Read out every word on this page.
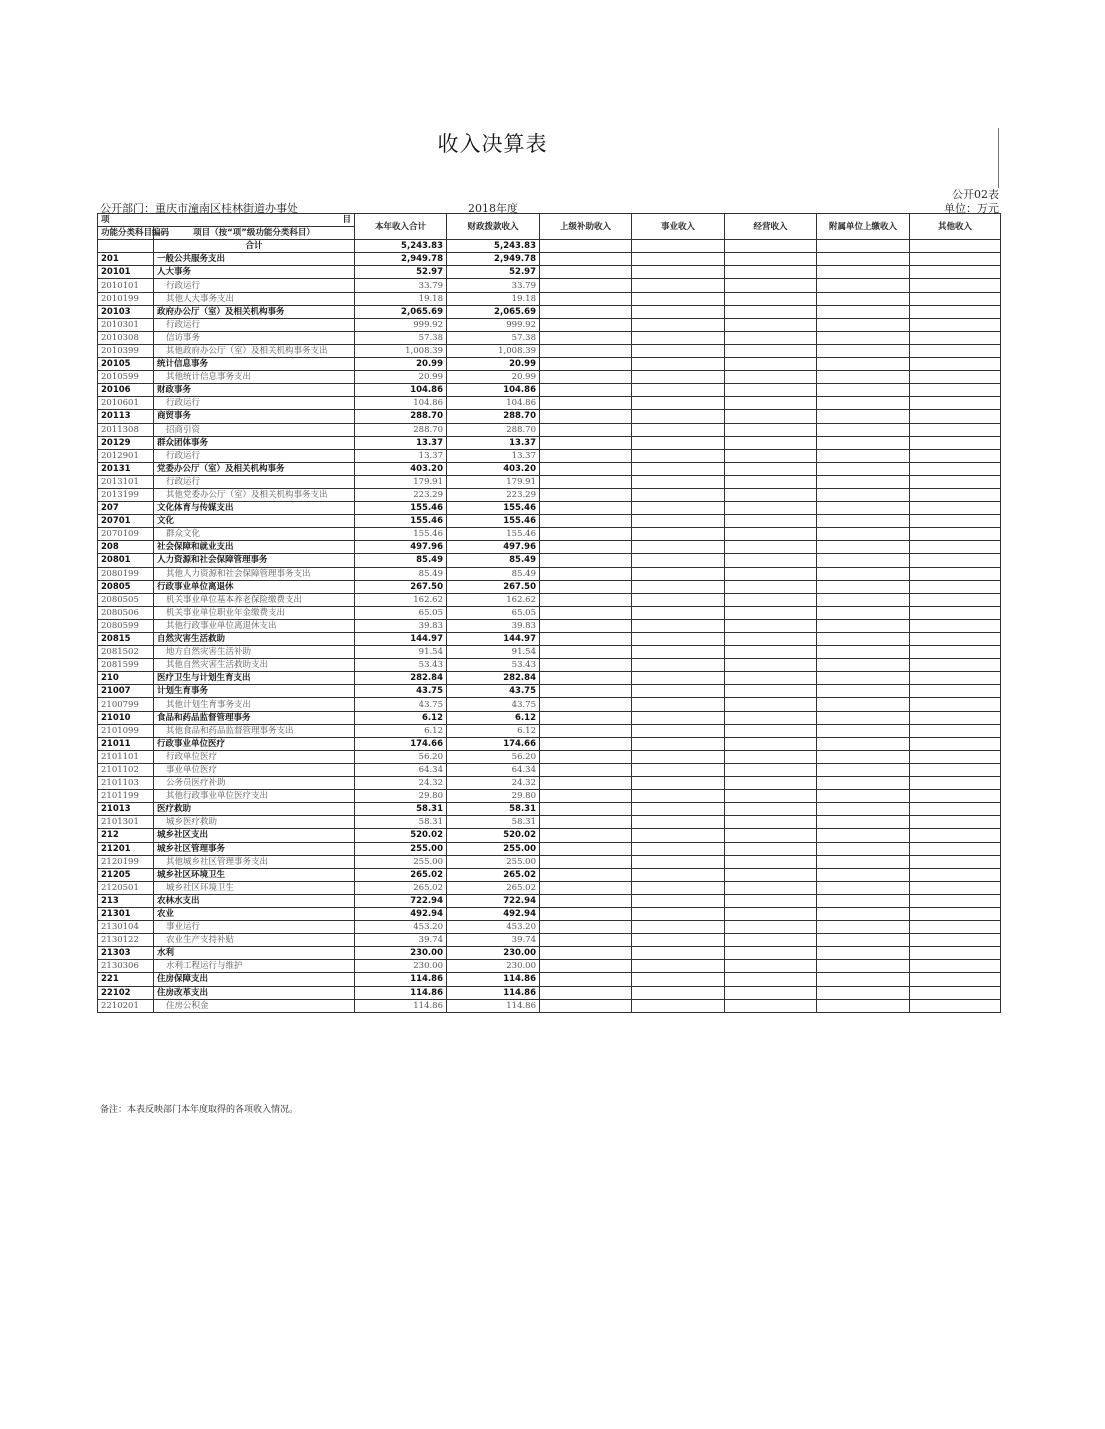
收入决算表
公开02表
公开部门：重庆市潼南区桂林街道办事处	2018年度	单位：万元
项 目		本年收入合计	财政拨款收入	上级补助收入	事业收入	经营收入	附属单位上缴收入	其他收入
功能分类科目编码	项目（按“项”级功能分类科目）							
	合计	5,243.83	5,243.83					
201	一般公共服务支出	2,949.78	2,949.78					
20101	人大事务	52.97	52.97					
2010101	行政运行	33.79	33.79					
2010199	其他人大事务支出	19.18	19.18					
20103	政府办公厅（室）及相关机构事务	2,065.69	2,065.69					
2010301	行政运行	999.92	999.92					
2010308	信访事务	57.38	57.38					
2010399	其他政府办公厅（室）及相关机构事务支出	1,008.39	1,008.39					
20105	统计信息事务	20.99	20.99					
2010599	其他统计信息事务支出	20.99	20.99					
20106	财政事务	104.86	104.86					
2010601	行政运行	104.86	104.86					
20113	商贸事务	288.70	288.70					
2011308	招商引资	288.70	288.70					
20129	群众团体事务	13.37	13.37					
2012901	行政运行	13.37	13.37					
20131	党委办公厅（室）及相关机构事务	403.20	403.20					
2013101	行政运行	179.91	179.91					
2013199	其他党委办公厅（室）及相关机构事务支出	223.29	223.29					
207	文化体育与传媒支出	155.46	155.46					
20701	文化	155.46	155.46					
2070109	群众文化	155.46	155.46					
208	社会保障和就业支出	497.96	497.96					
20801	人力资源和社会保障管理事务	85.49	85.49					
2080199	其他人力资源和社会保障管理事务支出	85.49	85.49					
20805	行政事业单位离退休	267.50	267.50					
2080505	机关事业单位基本养老保险缴费支出	162.62	162.62					
2080506	机关事业单位职业年金缴费支出	65.05	65.05					
2080599	其他行政事业单位离退休支出	39.83	39.83					
20815	自然灾害生活救助	144.97	144.97					
2081502	地方自然灾害生活补助	91.54	91.54					
2081599	其他自然灾害生活救助支出	53.43	53.43					
210	医疗卫生与计划生育支出	282.84	282.84					
21007	计划生育事务	43.75	43.75					
2100799	其他计划生育事务支出	43.75	43.75					
21010	食品和药品监督管理事务	6.12	6.12					
2101099	其他食品和药品监督管理事务支出	6.12	6.12					
21011	行政事业单位医疗	174.66	174.66					
2101101	行政单位医疗	56.20	56.20					
2101102	事业单位医疗	64.34	64.34					
2101103	公务员医疗补助	24.32	24.32					
2101199	其他行政事业单位医疗支出	29.80	29.80					
21013	医疗救助	58.31	58.31					
2101301	城乡医疗救助	58.31	58.31					
212	城乡社区支出	520.02	520.02					
21201	城乡社区管理事务	255.00	255.00					
2120199	其他城乡社区管理事务支出	255.00	255.00					
21205	城乡社区环境卫生	265.02	265.02					
2120501	城乡社区环境卫生	265.02	265.02					
213	农林水支出	722.94	722.94					
21301	农业	492.94	492.94					
2130104	事业运行	453.20	453.20					
2130122	农业生产支持补贴	39.74	39.74					
21303	水利	230.00	230.00					
2130306	水利工程运行与维护	230.00	230.00					
221	住房保障支出	114.86	114.86					
22102	住房改革支出	114.86	114.86					
2210201	住房公积金	114.86	114.86					
备注：本表反映部门本年度取得的各项收入情况。
